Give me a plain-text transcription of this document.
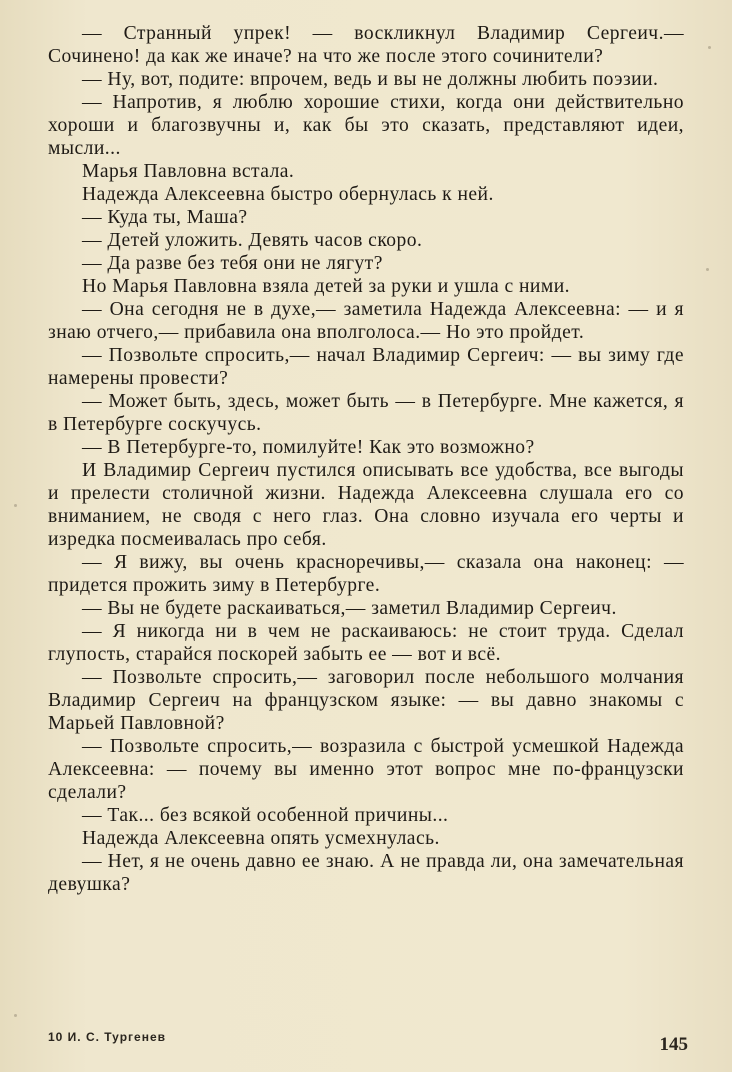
— Странный упрек! — воскликнул Владимир Сергеич.— Сочинено! да как же иначе? на что же после этого сочинители?

— Ну, вот, подите: впрочем, ведь и вы не должны любить поэзии.

— Напротив, я люблю хорошие стихи, когда они действительно хороши и благозвучны и, как бы это сказать, представляют идеи, мысли...

Марья Павловна встала.

Надежда Алексеевна быстро обернулась к ней.

— Куда ты, Маша?

— Детей уложить. Девять часов скоро.

— Да разве без тебя они не лягут?

Но Марья Павловна взяла детей за руки и ушла с ними.

— Она сегодня не в духе,— заметила Надежда Алексеевна: — и я знаю отчего,— прибавила она вполголоса.— Но это пройдет.

— Позвольте спросить,— начал Владимир Сергеич: — вы зиму где намерены провести?

— Может быть, здесь, может быть — в Петербурге. Мне кажется, я в Петербурге соскучусь.

— В Петербурге-то, помилуйте! Как это возможно?

И Владимир Сергеич пустился описывать все удобства, все выгоды и прелести столичной жизни. Надежда Алексеевна слушала его со вниманием, не сводя с него глаз. Она словно изучала его черты и изредка посмеивалась про себя.

— Я вижу, вы очень красноречивы,— сказала она наконец: — придется прожить зиму в Петербурге.

— Вы не будете раскаиваться,— заметил Владимир Сергеич.

— Я никогда ни в чем не раскаиваюсь: не стоит труда. Сделал глупость, старайся поскорей забыть ее — вот и всё.

— Позвольте спросить,— заговорил после небольшого молчания Владимир Сергеич на французском языке: — вы давно знакомы с Марьей Павловной?

— Позвольте спросить,— возразила с быстрой усмешкой Надежда Алексеевна: — почему вы именно этот вопрос мне по-французски сделали?

— Так... без всякой особенной причины...

Надежда Алексеевна опять усмехнулась.

— Нет, я не очень давно ее знаю. А не правда ли, она замечательная девушка?

10 И. С. Тургенев	145
